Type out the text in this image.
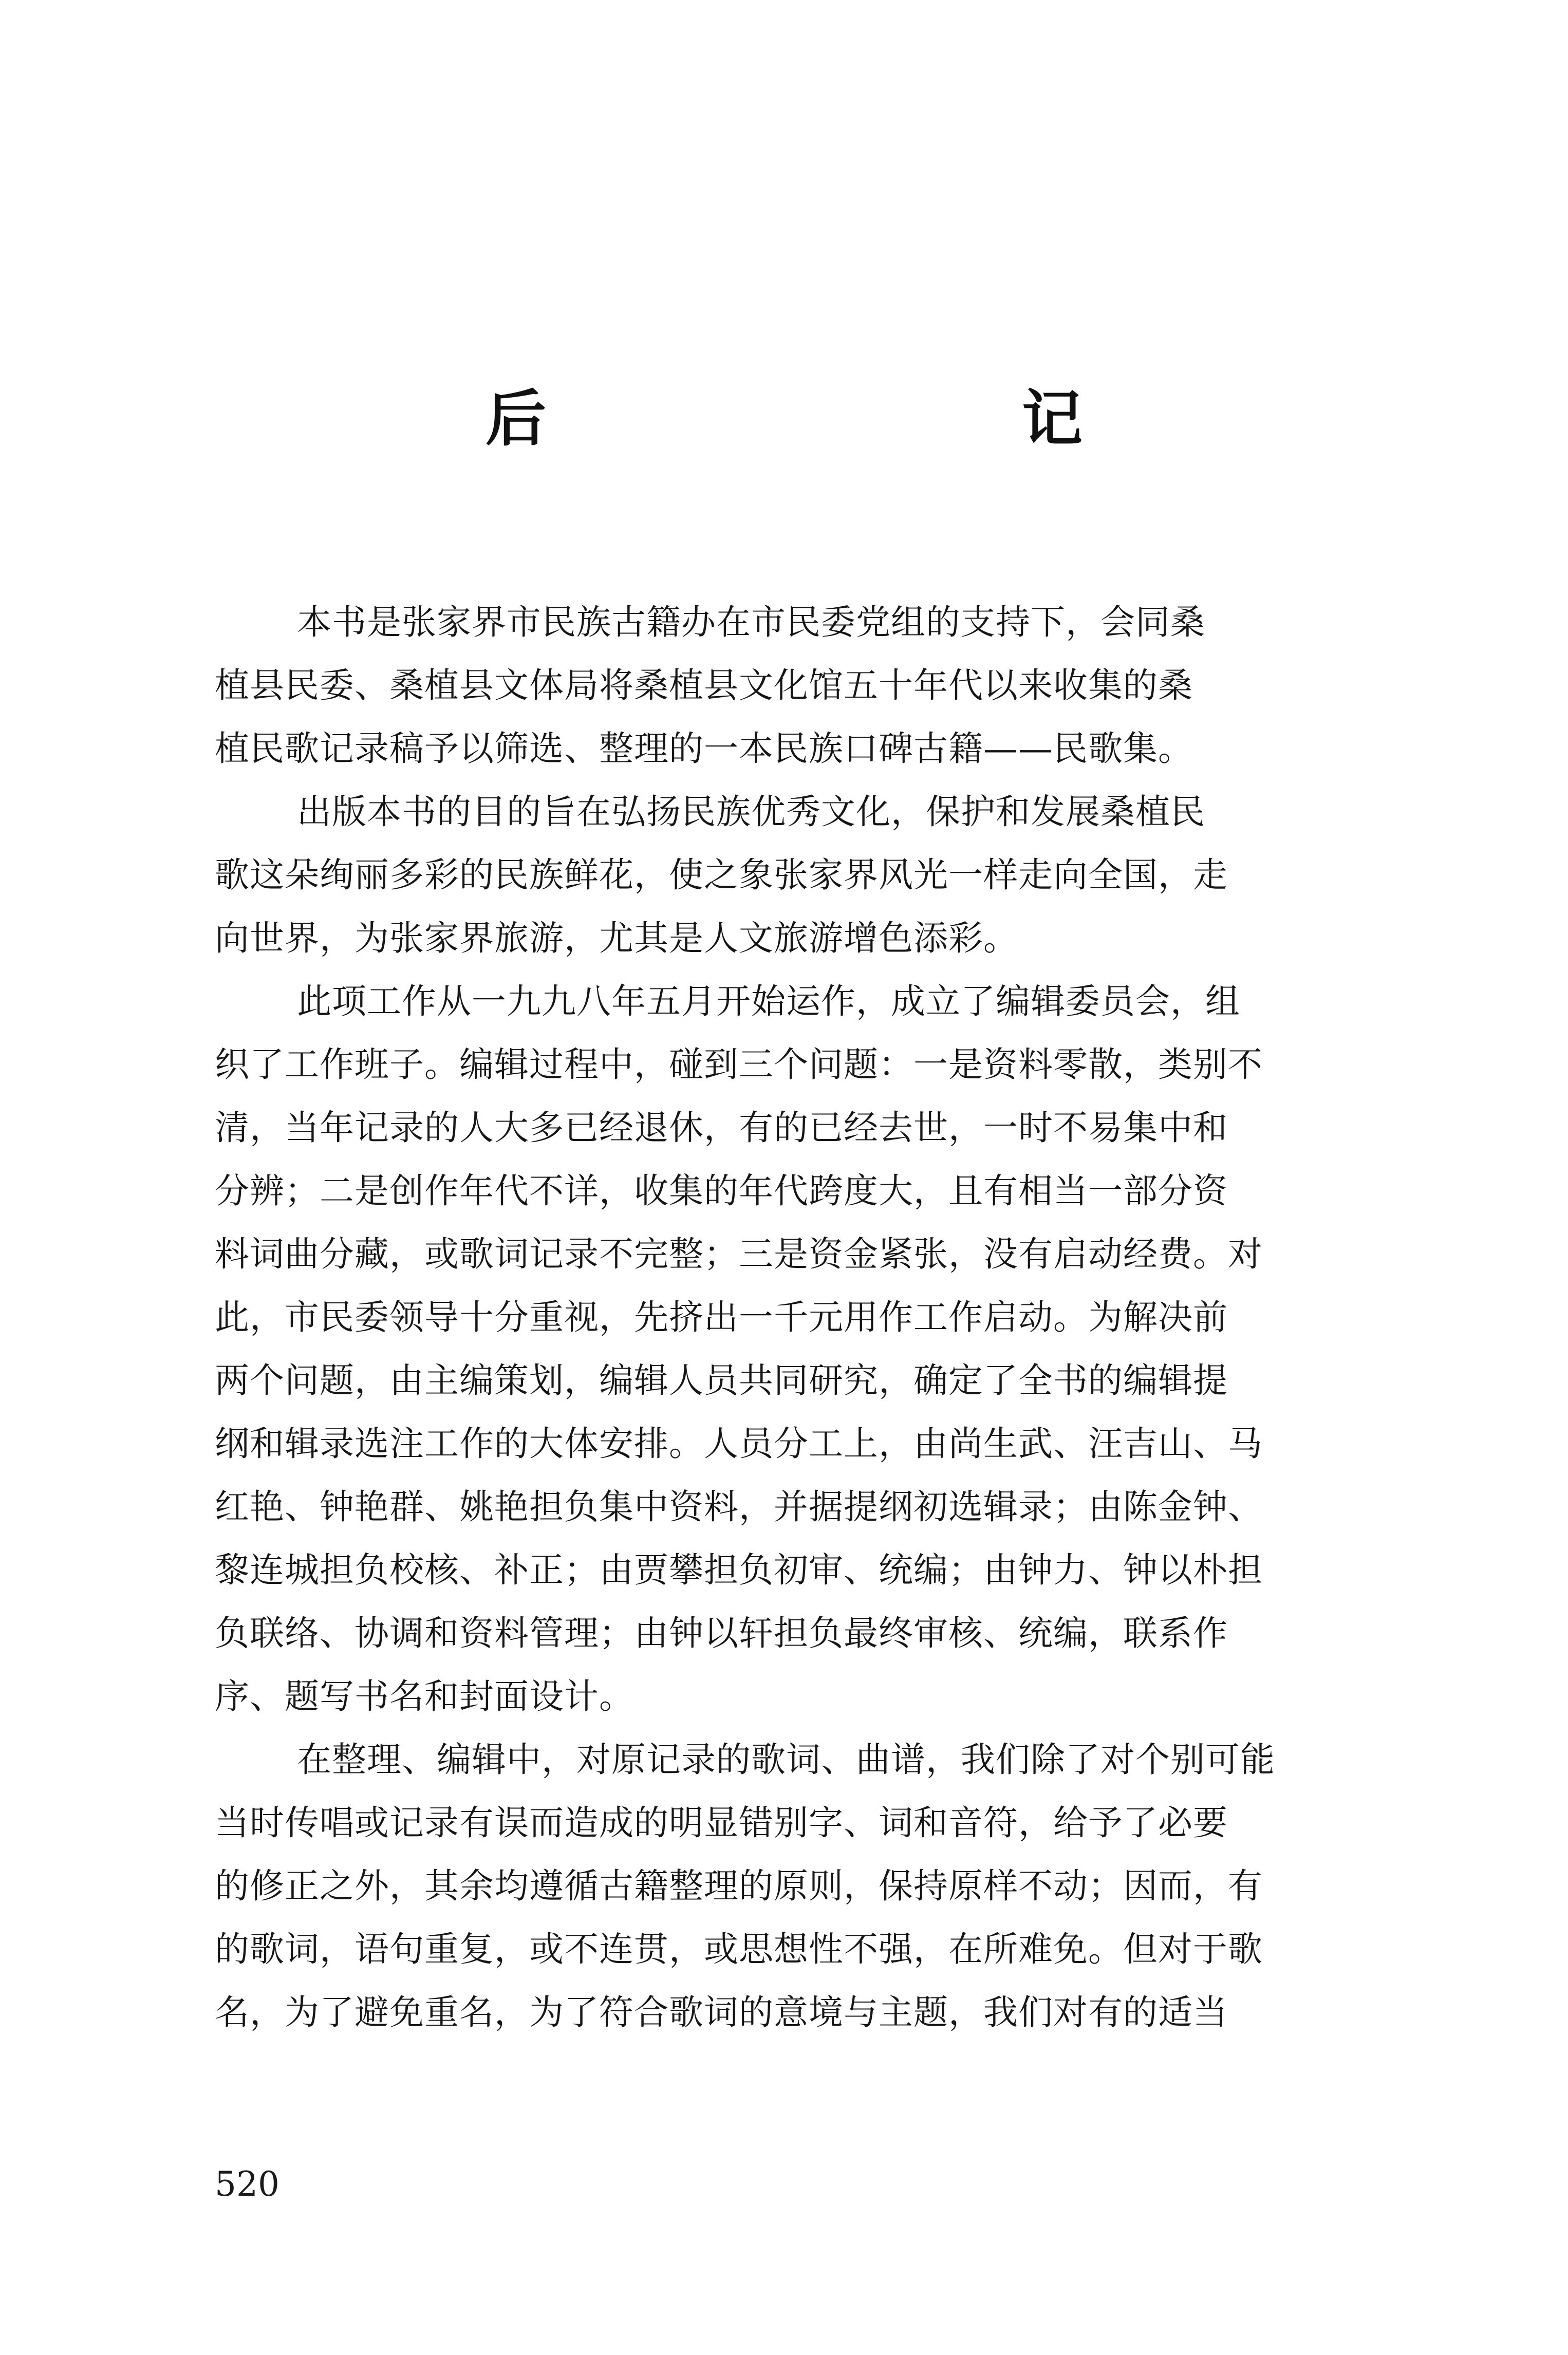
后　　记
本书是张家界市民族古籍办在市民委党组的支持下，会同桑
植县民委、桑植县文体局将桑植县文化馆五十年代以来收集的桑
植民歌记录稿予以筛选、整理的一本民族口碑古籍——民歌集。
出版本书的目的旨在弘扬民族优秀文化，保护和发展桑植民
歌这朵绚丽多彩的民族鲜花，使之象张家界风光一样走向全国，走
向世界，为张家界旅游，尤其是人文旅游增色添彩。
此项工作从一九九八年五月开始运作，成立了编辑委员会，组
织了工作班子。编辑过程中，碰到三个问题：一是资料零散，类别不
清，当年记录的人大多已经退休，有的已经去世，一时不易集中和
分辨；二是创作年代不详，收集的年代跨度大，且有相当一部分资
料词曲分藏，或歌词记录不完整；三是资金紧张，没有启动经费。对
此，市民委领导十分重视，先挤出一千元用作工作启动。为解决前
两个问题，由主编策划，编辑人员共同研究，确定了全书的编辑提
纲和辑录选注工作的大体安排。人员分工上，由尚生武、汪吉山、马
红艳、钟艳群、姚艳担负集中资料，并据提纲初选辑录；由陈金钟、
黎连城担负校核、补正；由贾攀担负初审、统编；由钟力、钟以朴担
负联络、协调和资料管理；由钟以轩担负最终审核、统编，联系作
序、题写书名和封面设计。
在整理、编辑中，对原记录的歌词、曲谱，我们除了对个别可能
当时传唱或记录有误而造成的明显错别字、词和音符，给予了必要
的修正之外，其余均遵循古籍整理的原则，保持原样不动；因而，有
的歌词，语句重复，或不连贯，或思想性不强，在所难免。但对于歌
名，为了避免重名，为了符合歌词的意境与主题，我们对有的适当
520
